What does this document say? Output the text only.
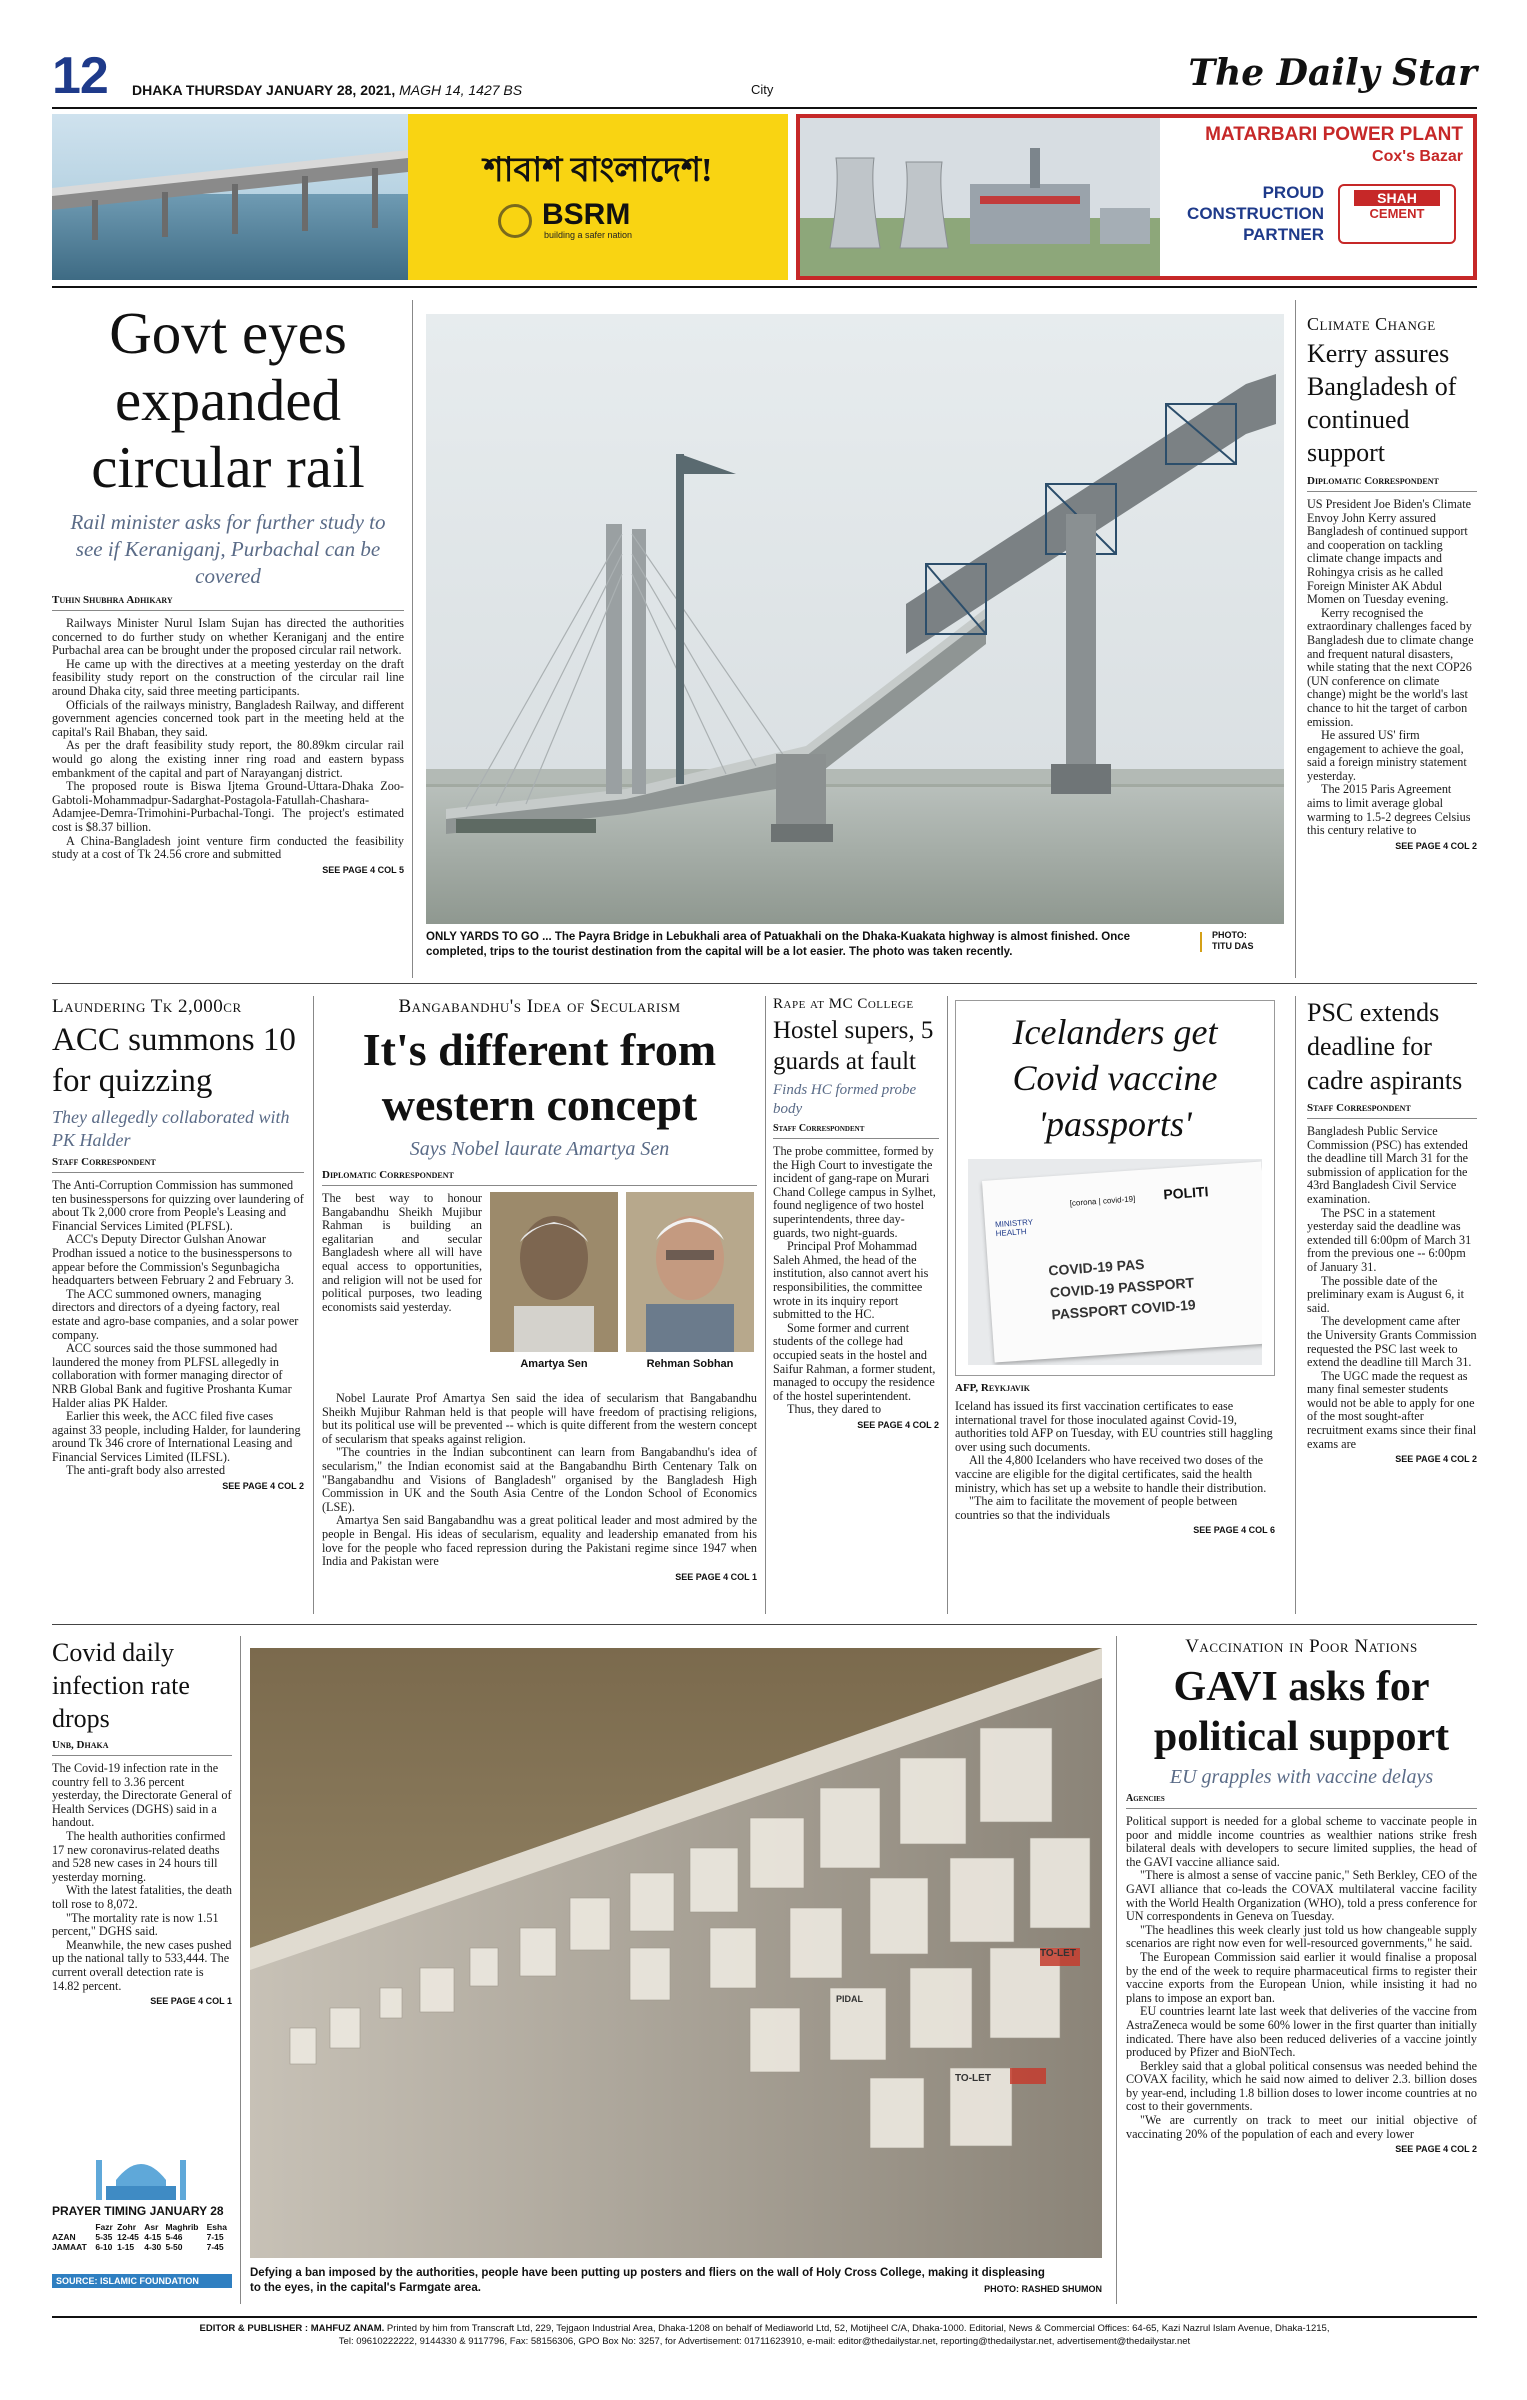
12 DHAKA THURSDAY JANUARY 28, 2021, MAGH 14, 1427 BS	City	The Daily Star
শাবাশ বাংলাদেশ!
BSRM
building a safer nation
MATARBARI POWER PLANT
Cox's Bazar
PROUD CONSTRUCTION PARTNER
SHAH
CEMENT
Govt eyes expanded circular rail
Rail minister asks for further study to see if Keraniganj, Purbachal can be covered
Tuhin Shubhra Adhikary

Railways Minister Nurul Islam Sujan has directed the authorities concerned to do further study on whether Keraniganj and the entire Purbachal area can be brought under the proposed circular rail network.

He came up with the directives at a meeting yesterday on the draft feasibility study report on the construction of the circular rail line around Dhaka city, said three meeting participants.

Officials of the railways ministry, Bangladesh Railway, and different government agencies concerned took part in the meeting held at the capital's Rail Bhaban, they said.

As per the draft feasibility study report, the 80.89km circular rail would go along the existing inner ring road and eastern bypass embankment of the capital and part of Narayanganj district.

The proposed route is Biswa Ijtema Ground-Uttara-Dhaka Zoo-Gabtoli-Mohammadpur-Sadarghat-Postagola-Fatullah-Chashara-Adamjee-Demra-Trimohini-Purbachal-Tongi. The project's estimated cost is $8.37 billion.

A China-Bangladesh joint venture firm conducted the feasibility study at a cost of Tk 24.56 crore and submitted

SEE PAGE 4 COL 5
ONLY YARDS TO GO ... The Payra Bridge in Lebukhali area of Patuakhali on the Dhaka-Kuakata highway is almost finished. Once completed, trips to the tourist destination from the capital will be a lot easier. The photo was taken recently.
PHOTO:
TITU DAS
Climate Change
Kerry assures Bangladesh of continued support
Diplomatic Correspondent

US President Joe Biden's Climate Envoy John Kerry assured Bangladesh of continued support and cooperation on tackling climate change impacts and Rohingya crisis as he called Foreign Minister AK Abdul Momen on Tuesday evening.

Kerry recognised the extraordinary challenges faced by Bangladesh due to climate change and frequent natural disasters, while stating that the next COP26 (UN conference on climate change) might be the world's last chance to hit the target of carbon emission.

He assured US' firm engagement to achieve the goal, said a foreign ministry statement yesterday.

The 2015 Paris Agreement aims to limit average global warming to 1.5-2 degrees Celsius this century relative to

SEE PAGE 4 COL 2
Laundering Tk 2,000cr
ACC summons 10 for quizzing
They allegedly collaborated with PK Halder
Staff Correspondent

The Anti-Corruption Commission has summoned ten businesspersons for quizzing over laundering of about Tk 2,000 crore from People's Leasing and Financial Services Limited (PLFSL).

ACC's Deputy Director Gulshan Anowar Prodhan issued a notice to the businesspersons to appear before the Commission's Segunbagicha headquarters between February 2 and February 3.

The ACC summoned owners, managing directors and directors of a dyeing factory, real estate and agro-base companies, and a solar power company.

ACC sources said the those summoned had laundered the money from PLFSL allegedly in collaboration with former managing director of NRB Global Bank and fugitive Proshanta Kumar Halder alias PK Halder.

Earlier this week, the ACC filed five cases against 33 people, including Halder, for laundering around Tk 346 crore of International Leasing and Financial Services Limited (ILFSL).

The anti-graft body also arrested

SEE PAGE 4 COL 2
Bangabandhu's Idea of Secularism
It's different from western concept
Says Nobel laurate Amartya Sen
Diplomatic Correspondent

The best way to honour Bangabandhu Sheikh Mujibur Rahman is building an egalitarian and secular Bangladesh where all will have equal access to opportunities, and religion will not be used for political purposes, two leading economists said yesterday.

Amartya Sen	Rehman Sobhan

Nobel Laurate Prof Amartya Sen said the idea of secularism that Bangabandhu Sheikh Mujibur Rahman held is that people will have freedom of practising religions, but its political use will be prevented -- which is quite different from the western concept of secularism that speaks against religion.

"The countries in the Indian subcontinent can learn from Bangabandhu's idea of secularism," the Indian economist said at the Bangabandhu Birth Centenary Talk on "Bangabandhu and Visions of Bangladesh" organised by the Bangladesh High Commission in UK and the South Asia Centre of the London School of Economics (LSE).

Amartya Sen said Bangabandhu was a great political leader and most admired by the people in Bengal. His ideas of secularism, equality and leadership emanated from his love for the people who faced repression during the Pakistani regime since 1947 when India and Pakistan were

SEE PAGE 4 COL 1
Rape at MC College
Hostel supers, 5 guards at fault
Finds HC formed probe body
Staff Correspondent

The probe committee, formed by the High Court to investigate the incident of gang-rape on Murari Chand College campus in Sylhet, found negligence of two hostel superintendents, three day-guards, two night-guards.

Principal Prof Mohammad Saleh Ahmed, the head of the institution, also cannot avert his responsibilities, the committee wrote in its inquiry report submitted to the HC.

Some former and current students of the college had occupied seats in the hostel and Saifur Rahman, a former student, managed to occupy the residence of the hostel superintendent.

Thus, they dared to

SEE PAGE 4 COL 2
Icelanders get Covid vaccine 'passports'
MINISTRY HEALTH
[corona | covid-19] POLITI
COVID-19 PAS
COVID-19 PASSPORT
PASSPORT COVID-19
AFP, Reykjavik

Iceland has issued its first vaccination certificates to ease international travel for those inoculated against Covid-19, authorities told AFP on Tuesday, with EU countries still haggling over using such documents.

All the 4,800 Icelanders who have received two doses of the vaccine are eligible for the digital certificates, said the health ministry, which has set up a website to handle their distribution.

"The aim to facilitate the movement of people between countries so that the individuals

SEE PAGE 4 COL 6
PSC extends deadline for cadre aspirants
Staff Correspondent

Bangladesh Public Service Commission (PSC) has extended the deadline till March 31 for the submission of application for the 43rd Bangladesh Civil Service examination.

The PSC in a statement yesterday said the deadline was extended till 6:00pm of March 31 from the previous one -- 6:00pm of January 31.

The possible date of the preliminary exam is August 6, it said.

The development came after the University Grants Commission requested the PSC last week to extend the deadline till March 31.

The UGC made the request as many final semester students would not be able to apply for one of the most sought-after recruitment exams since their final exams are

SEE PAGE 4 COL 2
Covid daily infection rate drops
Unb, Dhaka

The Covid-19 infection rate in the country fell to 3.36 percent yesterday, the Directorate General of Health Services (DGHS) said in a handout.

The health authorities confirmed 17 new coronavirus-related deaths and 528 new cases in 24 hours till yesterday morning.

With the latest fatalities, the death toll rose to 8,072.

"The mortality rate is now 1.51 percent," DGHS said.

Meanwhile, the new cases pushed up the national tally to 533,444. The current overall detection rate is 14.82 percent.

SEE PAGE 4 COL 1
PRAYER TIMING JANUARY 28
	Fazr	Zohr	Asr	Maghrib	Esha
AZAN	5-35	12-45	4-15	5-46	7-15
JAMAAT	6-10	1-15	4-30	5-50	7-45
SOURCE: ISLAMIC FOUNDATION
TO-LET
TO-LET
PIDAL
Defying a ban imposed by the authorities, people have been putting up posters and fliers on the wall of Holy Cross College, making it displeasing to the eyes, in the capital's Farmgate area.	PHOTO: RASHED SHUMON
Vaccination in Poor Nations
GAVI asks for political support
EU grapples with vaccine delays
Agencies

Political support is needed for a global scheme to vaccinate people in poor and middle income countries as wealthier nations strike fresh bilateral deals with developers to secure limited supplies, the head of the GAVI vaccine alliance said.

"There is almost a sense of vaccine panic," Seth Berkley, CEO of the GAVI alliance that co-leads the COVAX multilateral vaccine facility with the World Health Organization (WHO), told a press conference for UN correspondents in Geneva on Tuesday.

"The headlines this week clearly just told us how changeable supply scenarios are right now even for well-resourced governments," he said.

The European Commission said earlier it would finalise a proposal by the end of the week to require pharmaceutical firms to register their vaccine exports from the European Union, while insisting it had no plans to impose an export ban.

EU countries learnt late last week that deliveries of the vaccine from AstraZeneca would be some 60% lower in the first quarter than initially indicated. There have also been reduced deliveries of a vaccine jointly produced by Pfizer and BioNTech.

Berkley said that a global political consensus was needed behind the COVAX facility, which he said now aimed to deliver 2.3. billion doses by year-end, including 1.8 billion doses to lower income countries at no cost to their governments.

"We are currently on track to meet our initial objective of vaccinating 20% of the population of each and every lower

SEE PAGE 4 COL 2
EDITOR & PUBLISHER : MAHFUZ ANAM. Printed by him from Transcraft Ltd, 229, Tejgaon Industrial Area, Dhaka-1208 on behalf of Mediaworld Ltd, 52, Motijheel C/A, Dhaka-1000. Editorial, News & Commercial Offices: 64-65, Kazi Nazrul Islam Avenue, Dhaka-1215,
Tel: 09610222222, 9144330 & 9117796, Fax: 58156306, GPO Box No: 3257, for Advertisement: 01711623910, e-mail: editor@thedailystar.net, reporting@thedailystar.net, advertisement@thedailystar.net
